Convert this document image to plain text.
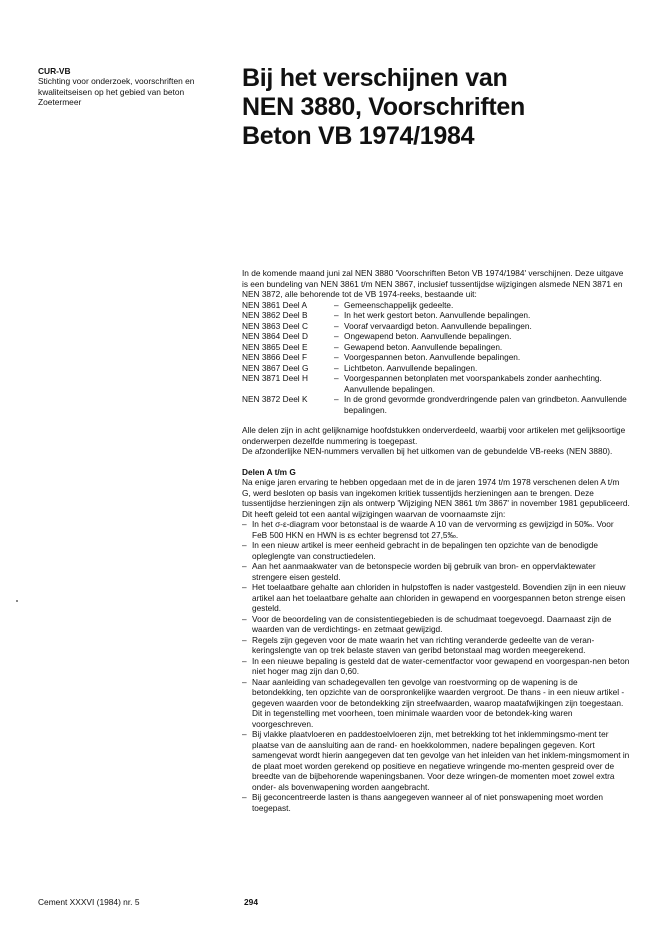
CUR-VB
Stichting voor onderzoek, voorschriften en
kwaliteitseisen op het gebied van beton
Zoetermeer
Bij het verschijnen van
NEN 3880, Voorschriften
Beton VB 1974/1984

In de komende maand juni zal NEN 3880 'Voorschriften Beton VB 1974/1984' verschijnen. Deze uitgave is een bundeling van NEN 3861 t/m NEN 3867, inclusief tussentijdse wijzigingen alsmede NEN 3871 en NEN 3872, alle behorende tot de VB 1974-reeks, bestaande uit:

NEN 3861 Deel A	– Gemeenschappelijk gedeelte.
NEN 3862 Deel B	– In het werk gestort beton. Aanvullende bepalingen.
NEN 3863 Deel C	– Vooraf vervaardigd beton. Aanvullende bepalingen.
NEN 3864 Deel D	– Ongewapend beton. Aanvullende bepalingen.
NEN 3865 Deel E	– Gewapend beton. Aanvullende bepalingen.
NEN 3866 Deel F	– Voorgespannen beton. Aanvullende bepalingen.
NEN 3867 Deel G	– Lichtbeton. Aanvullende bepalingen.
NEN 3871 Deel H	– Voorgespannen betonplaten met voorspankabels zonder aanhechting. Aanvullende bepalingen.
NEN 3872 Deel K	– In de grond gevormde grondverdringende palen van grindbeton. Aanvullende bepalingen.

Alle delen zijn in acht gelijknamige hoofdstukken onderverdeeld, waarbij voor artikelen met gelijksoortige onderwerpen dezelfde nummering is toegepast.

De afzonderlijke NEN-nummers vervallen bij het uitkomen van de gebundelde VB-reeks (NEN 3880).

Delen A t/m G

Na enige jaren ervaring te hebben opgedaan met de in de jaren 1974 t/m 1978 verschenen delen A t/m G, werd besloten op basis van ingekomen kritiek tussentijds herzieningen aan te brengen. Deze tussentijdse herzieningen zijn als ontwerp 'Wijziging NEN 3861 t/m 3867' in november 1981 gepubliceerd.

Dit heeft geleid tot een aantal wijzigingen waarvan de voornaamste zijn:

– In het σ-ε-diagram voor betonstaal is de waarde A 10 van de vervorming εs gewijzigd in 50‰. Voor FeB 500 HKN en HWN is εs echter begrensd tot 27,5‰.
– In een nieuw artikel is meer eenheid gebracht in de bepalingen ten opzichte van de benodigde opleglengte van constructiedelen.
– Aan het aanmaakwater van de betonspecie worden bij gebruik van bron- en oppervlaktewater strengere eisen gesteld.
– Het toelaatbare gehalte aan chloriden in hulpstoffen is nader vastgesteld. Bovendien zijn in een nieuw artikel aan het toelaatbare gehalte aan chloriden in gewapend en voorgespannen beton strenge eisen gesteld.
– Voor de beoordeling van de consistentiegebieden is de schudmaat toegevoegd. Daarnaast zijn de waarden van de verdichtings- en zetmaat gewijzigd.
– Regels zijn gegeven voor de mate waarin het van richting veranderde gedeelte van de veran-keringslengte van op trek belaste staven van geribd betonstaal mag worden meegerekend.
– In een nieuwe bepaling is gesteld dat de water-cementfactor voor gewapend en voorgespan-nen beton niet hoger mag zijn dan 0,60.
– Naar aanleiding van schadegevallen ten gevolge van roestvorming op de wapening is de betondekking, ten opzichte van de oorspronkelijke waarden vergroot. De thans - in een nieuw artikel - gegeven waarden voor de betondekking zijn streefwaarden, waarop maatafwijkingen zijn toegestaan. Dit in tegenstelling met voorheen, toen minimale waarden voor de betondek-king waren voorgeschreven.
– Bij vlakke plaatvloeren en paddestoelvloeren zijn, met betrekking tot het inklemmingsmo-ment ter plaatse van de aansluiting aan de rand- en hoekkolommen, nadere bepalingen gegeven. Kort samengevat wordt hierin aangegeven dat ten gevolge van het inleiden van het inklem-mingsmoment in de plaat moet worden gerekend op positieve en negatieve wringende mo-menten gespreid over de breedte van de bijbehorende wapeningsbanen. Voor deze wringen-de momenten moet zowel extra onder- als bovenwapening worden aangebracht.
– Bij geconcentreerde lasten is thans aangegeven wanneer al of niet ponswapening moet worden toegepast.
Cement XXXVI (1984) nr. 5	294
